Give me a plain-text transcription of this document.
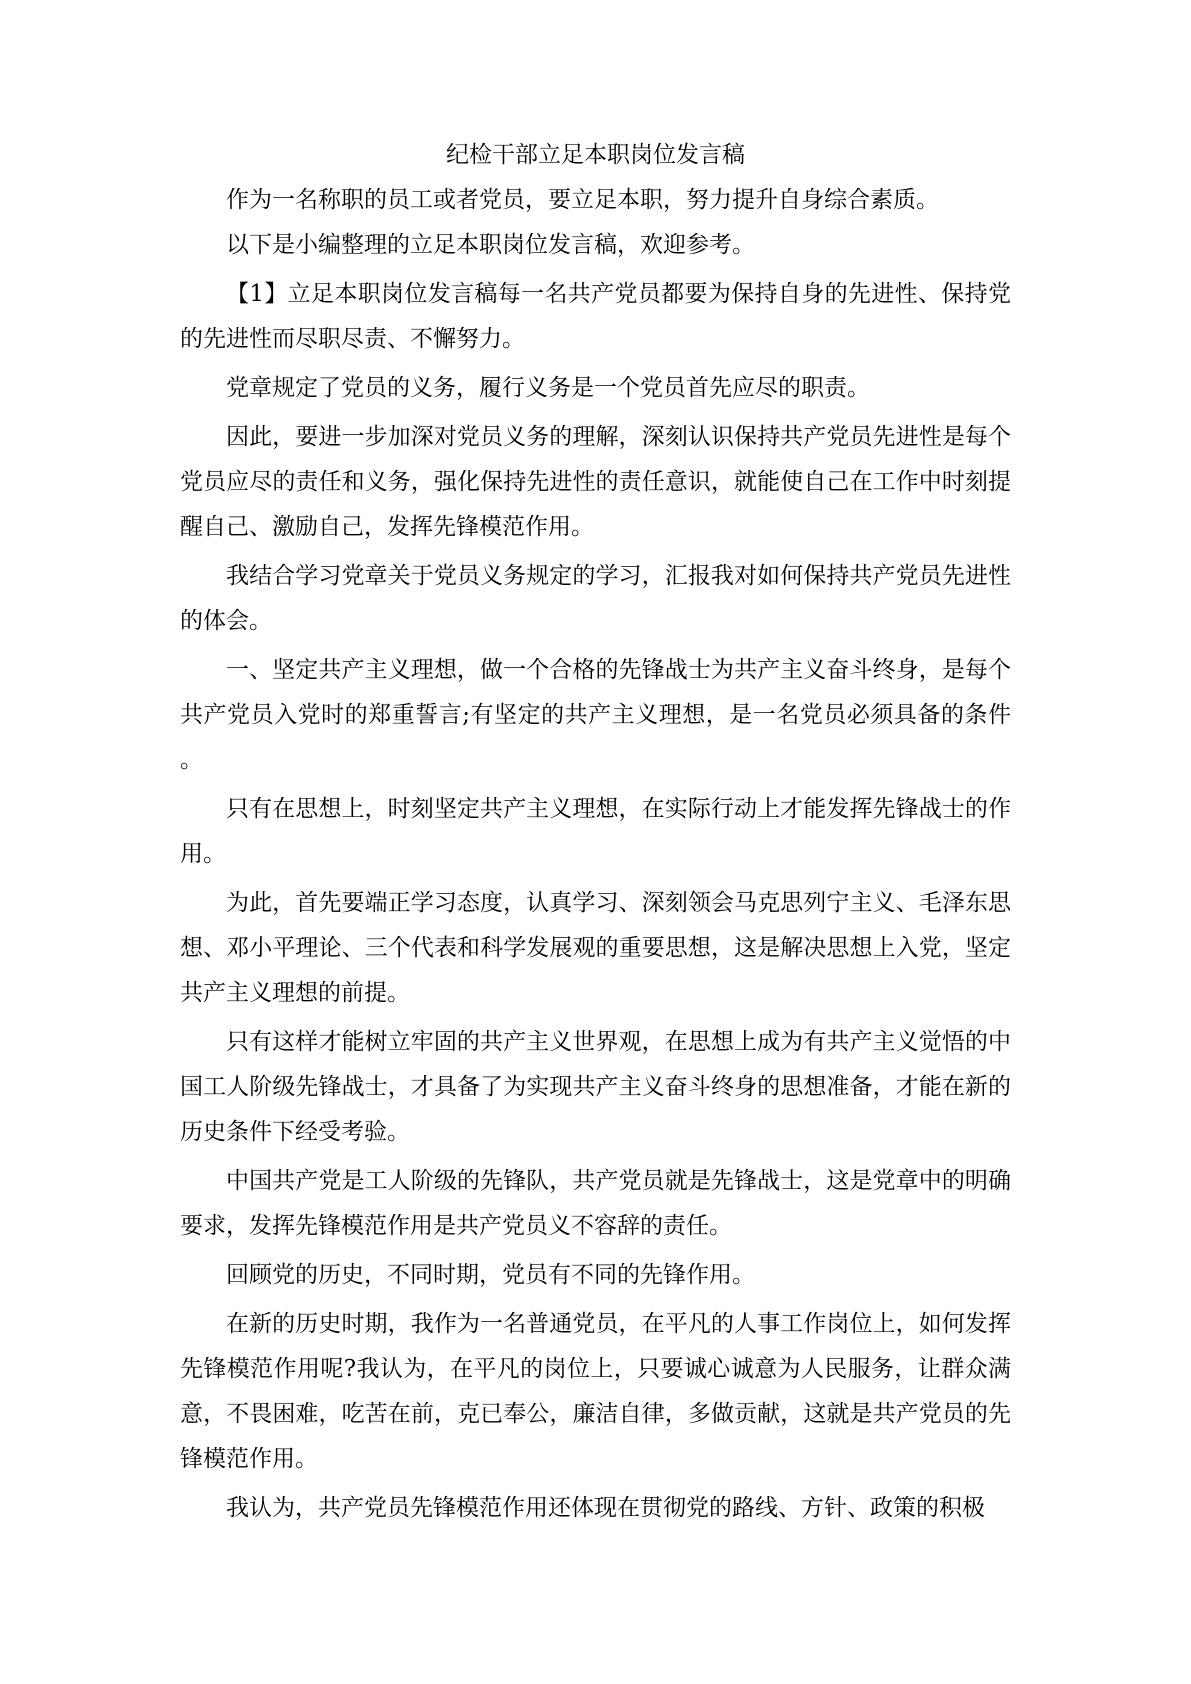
纪检干部立足本职岗位发言稿

作为一名称职的员工或者党员，要立足本职，努力提升自身综合素质。

以下是小编整理的立足本职岗位发言稿，欢迎参考。

【1】立足本职岗位发言稿每一名共产党员都要为保持自身的先进性、保持党的先进性而尽职尽责、不懈努力。

党章规定了党员的义务，履行义务是一个党员首先应尽的职责。

因此，要进一步加深对党员义务的理解，深刻认识保持共产党员先进性是每个党员应尽的责任和义务，强化保持先进性的责任意识，就能使自己在工作中时刻提醒自己、激励自己，发挥先锋模范作用。

我结合学习党章关于党员义务规定的学习，汇报我对如何保持共产党员先进性的体会。

一、坚定共产主义理想，做一个合格的先锋战士为共产主义奋斗终身，是每个共产党员入党时的郑重誓言;有坚定的共产主义理想，是一名党员必须具备的条件。

只有在思想上，时刻坚定共产主义理想，在实际行动上才能发挥先锋战士的作用。

为此，首先要端正学习态度，认真学习、深刻领会马克思列宁主义、毛泽东思想、邓小平理论、三个代表和科学发展观的重要思想，这是解决思想上入党，坚定共产主义理想的前提。

只有这样才能树立牢固的共产主义世界观，在思想上成为有共产主义觉悟的中国工人阶级先锋战士，才具备了为实现共产主义奋斗终身的思想准备，才能在新的历史条件下经受考验。

中国共产党是工人阶级的先锋队，共产党员就是先锋战士，这是党章中的明确要求，发挥先锋模范作用是共产党员义不容辞的责任。

回顾党的历史，不同时期，党员有不同的先锋作用。

在新的历史时期，我作为一名普通党员，在平凡的人事工作岗位上，如何发挥先锋模范作用呢?我认为，在平凡的岗位上，只要诚心诚意为人民服务，让群众满意，不畏困难，吃苦在前，克已奉公，廉洁自律，多做贡献，这就是共产党员的先锋模范作用。

我认为，共产党员先锋模范作用还体现在贯彻党的路线、方针、政策的积极
